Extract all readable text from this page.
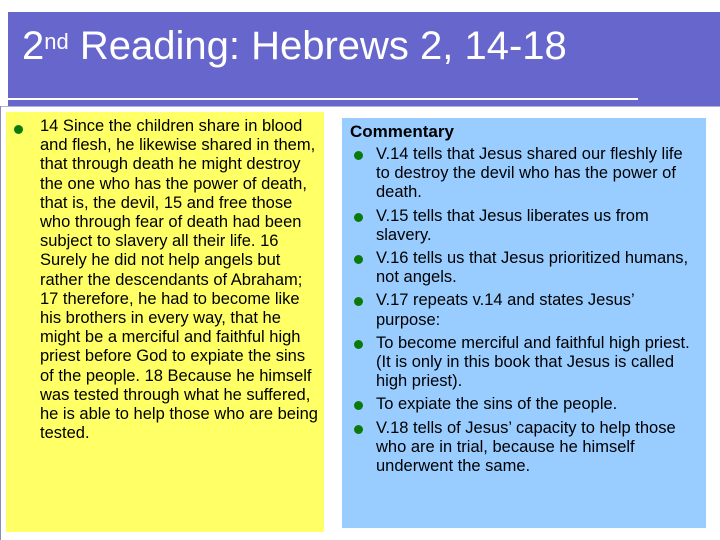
2nd Reading: Hebrews 2, 14-18

14 Since the children share in blood and flesh, he likewise shared in them, that through death he might destroy the one who has the power of death, that is, the devil, 15 and free those who through fear of death had been subject to slavery all their life. 16 Surely he did not help angels but rather the descendants of Abraham; 17 therefore, he had to become like his brothers in every way, that he might be a merciful and faithful high priest before God to expiate the sins of the people. 18 Because he himself was tested through what he suffered, he is able to help those who are being tested.

Commentary
V.14 tells that Jesus shared our fleshly life to destroy the devil who has the power of death.
V.15 tells that Jesus liberates us from slavery.
V.16 tells us that Jesus prioritized humans, not angels.
V.17 repeats v.14 and states Jesus’ purpose:
To become merciful and faithful high priest. (It is only in this book that Jesus is called high priest).
To expiate the sins of the people.
V.18 tells of Jesus’ capacity to help those who are in trial, because he himself underwent the same.
